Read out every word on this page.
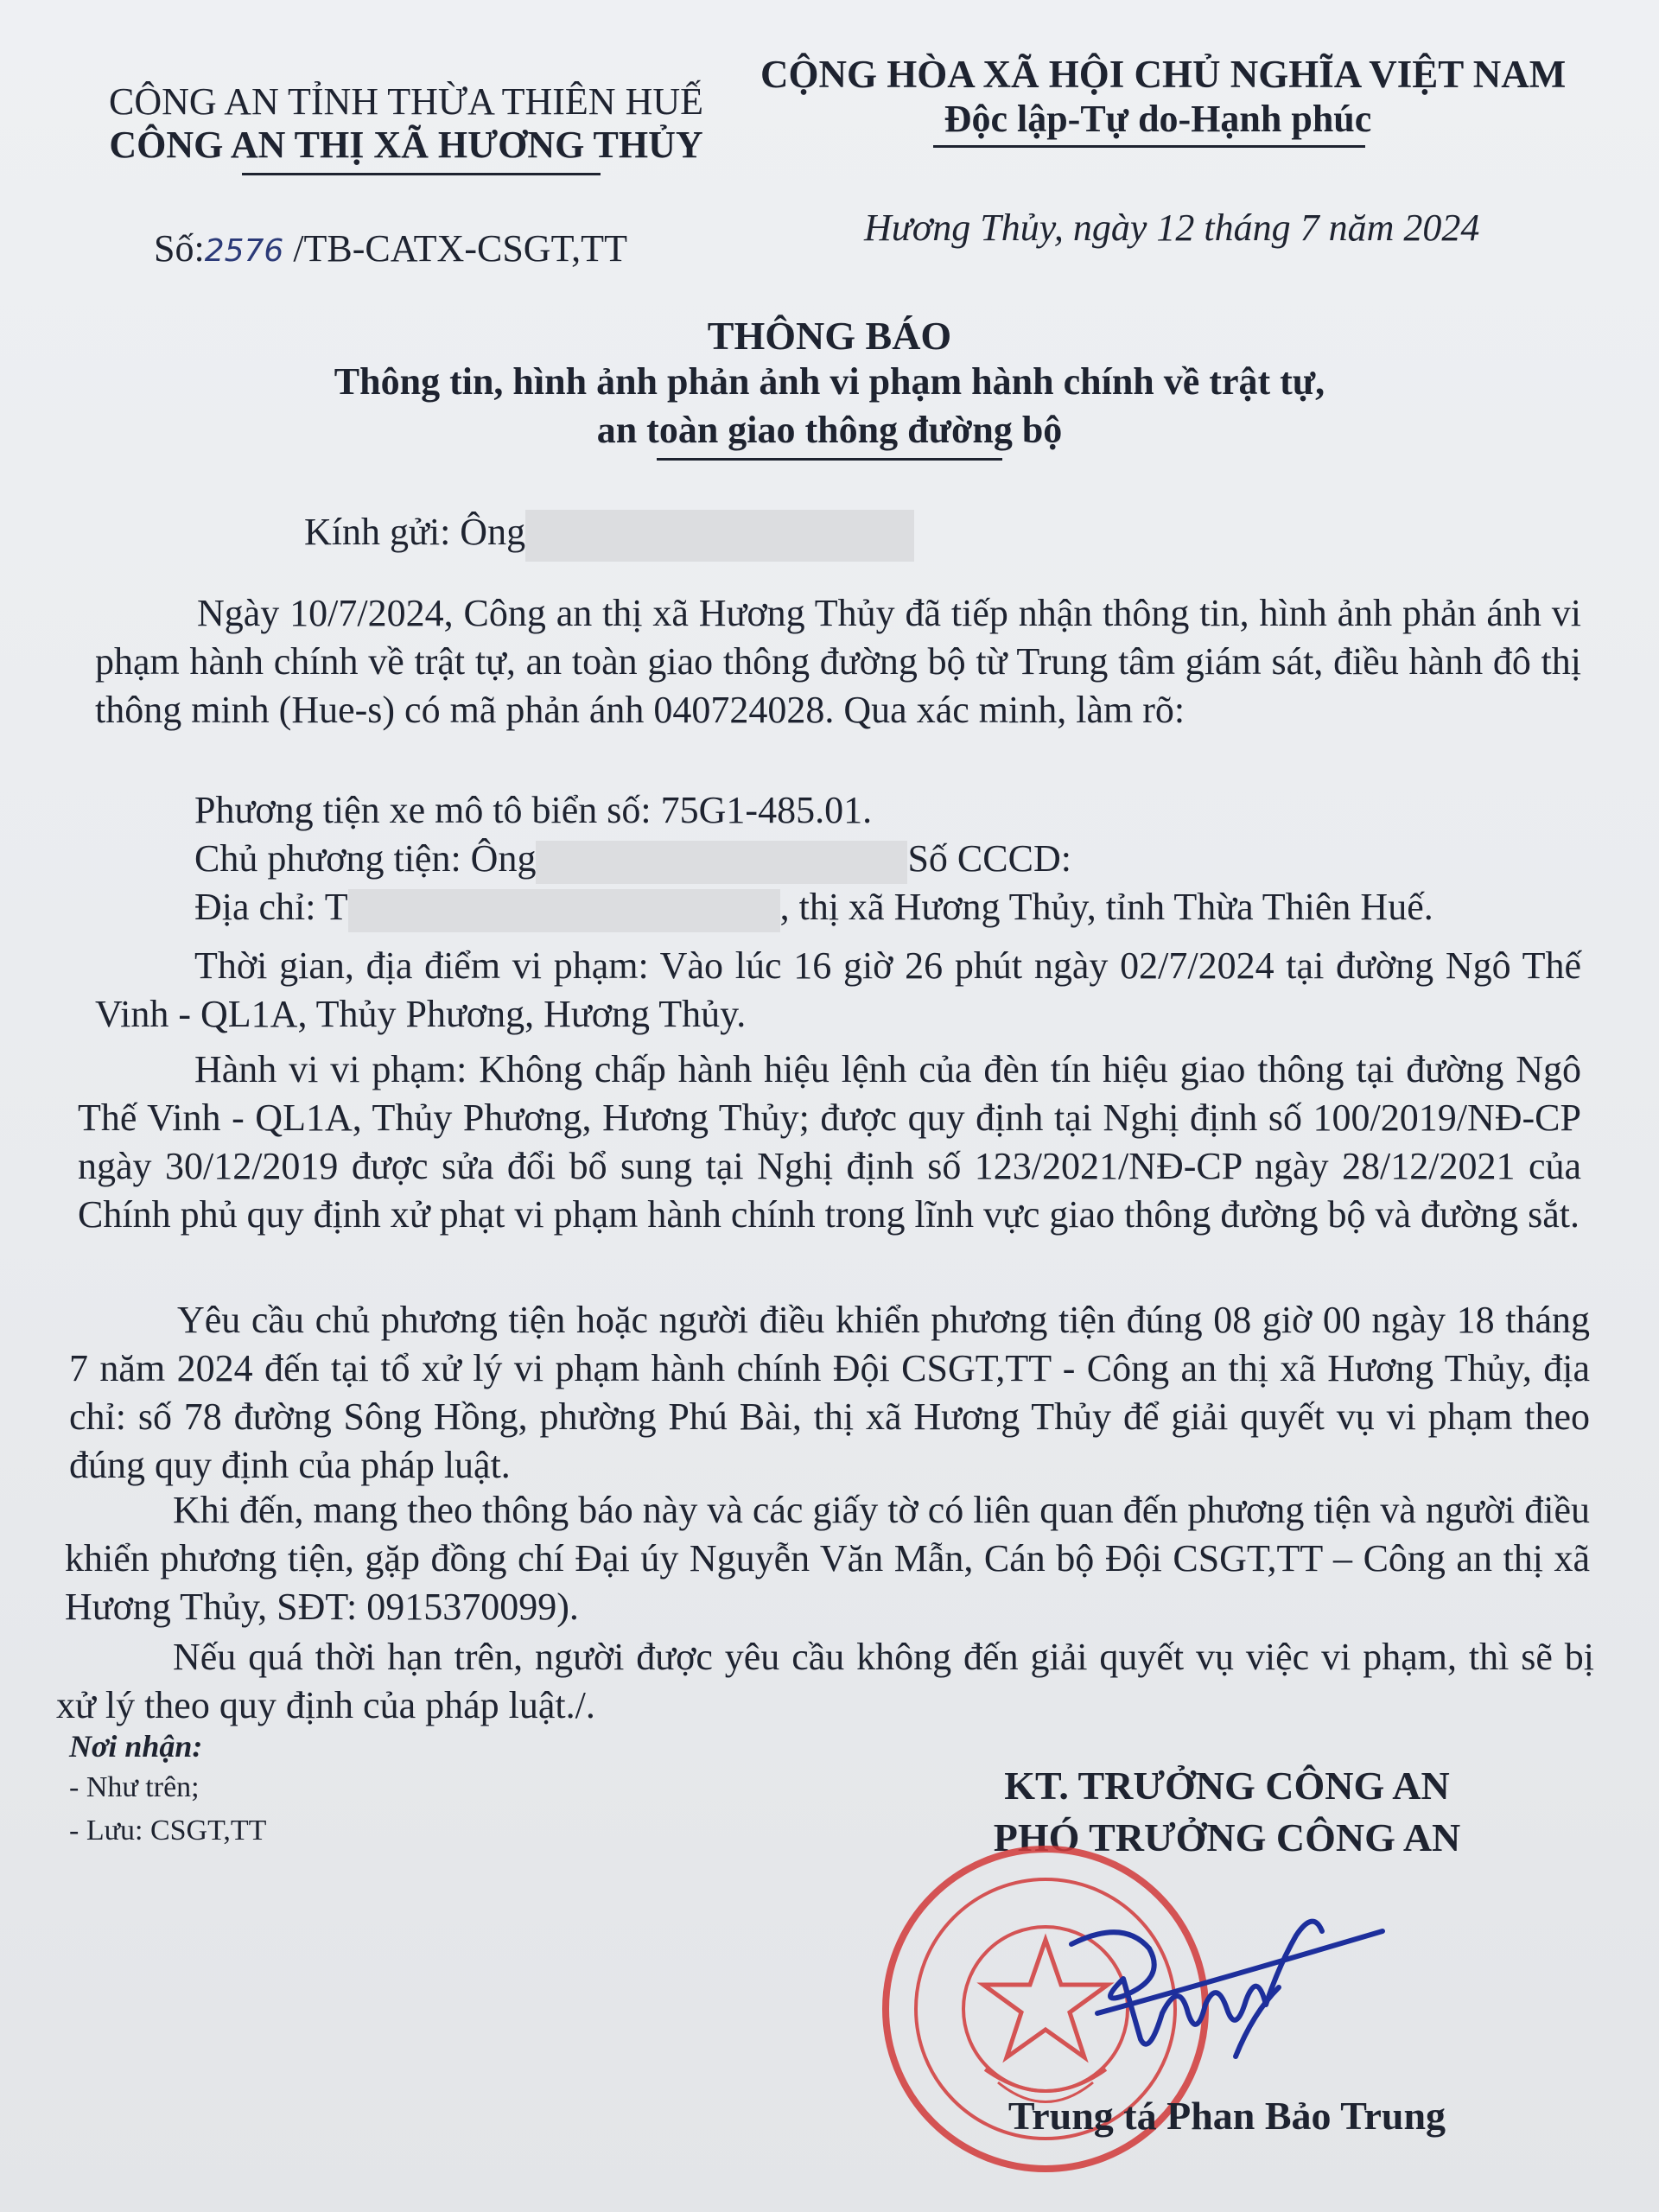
CÔNG AN TỈNH THỪA THIÊN HUẾ
CÔNG AN THỊ XÃ HƯƠNG THỦY
CỘNG HÒA XÃ HỘI CHỦ NGHĨA VIỆT NAM
Độc lập-Tự do-Hạnh phúc
Số:2576 /TB-CATX-CSGT,TT	Hương Thủy, ngày 12 tháng 7 năm 2024
THÔNG BÁO
Thông tin, hình ảnh phản ảnh vi phạm hành chính về trật tự,
an toàn giao thông đường bộ
Kính gửi: Ông
Ngày 10/7/2024, Công an thị xã Hương Thủy đã tiếp nhận thông tin, hình ảnh phản ánh vi phạm hành chính về trật tự, an toàn giao thông đường bộ từ Trung tâm giám sát, điều hành đô thị thông minh (Hue-s) có mã phản ánh 040724028. Qua xác minh, làm rõ:
Phương tiện xe mô tô biển số: 75G1-485.01.
Chủ phương tiện: Ông	Số CCCD:
Địa chỉ: T	, thị xã Hương Thủy, tỉnh Thừa Thiên Huế.
Thời gian, địa điểm vi phạm: Vào lúc 16 giờ 26 phút ngày 02/7/2024 tại đường Ngô Thế Vinh - QL1A, Thủy Phương, Hương Thủy.
Hành vi vi phạm: Không chấp hành hiệu lệnh của đèn tín hiệu giao thông tại đường Ngô Thế Vinh - QL1A, Thủy Phương, Hương Thủy; được quy định tại Nghị định số 100/2019/NĐ-CP ngày 30/12/2019 được sửa đổi bổ sung tại Nghị định số 123/2021/NĐ-CP ngày 28/12/2021 của Chính phủ quy định xử phạt vi phạm hành chính trong lĩnh vực giao thông đường bộ và đường sắt.
Yêu cầu chủ phương tiện hoặc người điều khiển phương tiện đúng 08 giờ 00 ngày 18 tháng 7 năm 2024 đến tại tổ xử lý vi phạm hành chính Đội CSGT,TT - Công an thị xã Hương Thủy, địa chỉ: số 78 đường Sông Hồng, phường Phú Bài, thị xã Hương Thủy để giải quyết vụ vi phạm theo đúng quy định của pháp luật.
Khi đến, mang theo thông báo này và các giấy tờ có liên quan đến phương tiện và người điều khiển phương tiện, gặp đồng chí Đại úy Nguyễn Văn Mẫn, Cán bộ Đội CSGT,TT – Công an thị xã Hương Thủy, SĐT: 0915370099).
Nếu quá thời hạn trên, người được yêu cầu không đến giải quyết vụ việc vi phạm, thì sẽ bị xử lý theo quy định của pháp luật./.
Nơi nhận:
- Như trên;
- Lưu: CSGT,TT
KT. TRƯỞNG CÔNG AN
PHÓ TRƯỞNG CÔNG AN
Trung tá Phan Bảo Trung
